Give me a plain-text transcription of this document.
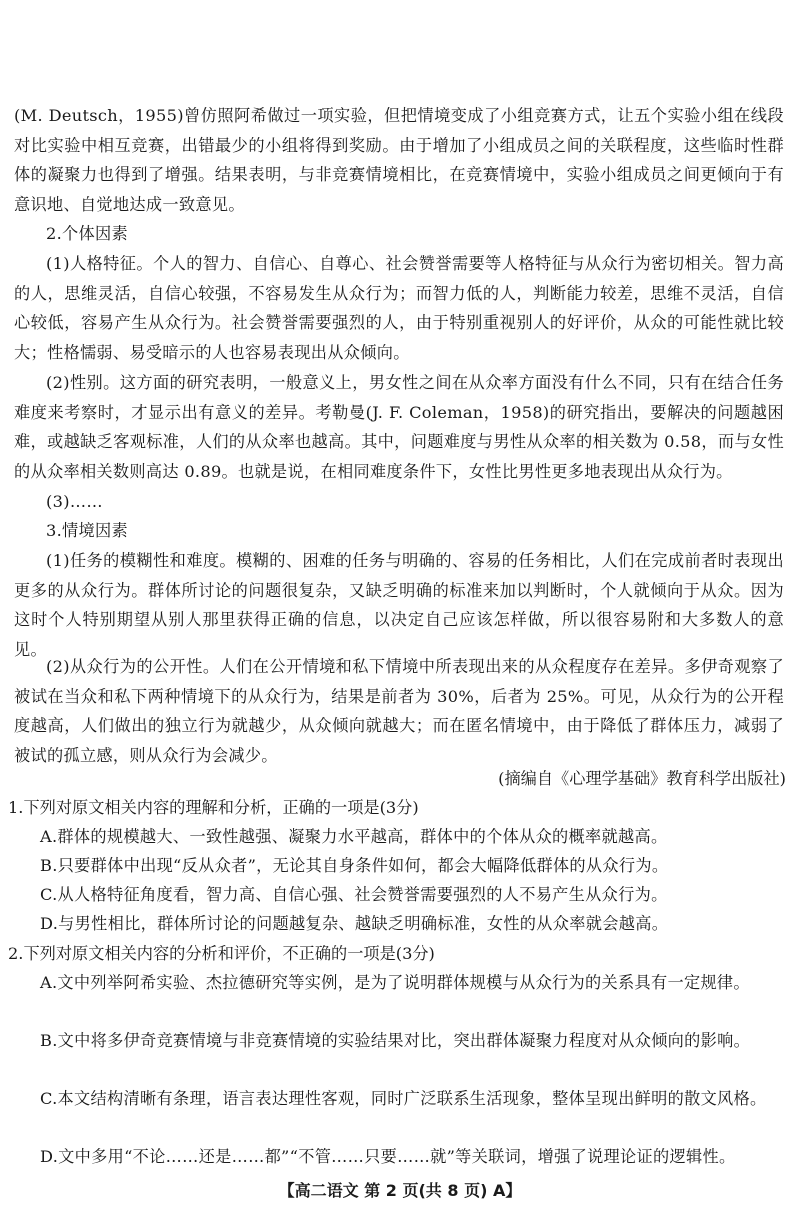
(M. Deutsch，1955)曾仿照阿希做过一项实验，但把情境变成了小组竞赛方式，让五个实验小组在线段对比实验中相互竞赛，出错最少的小组将得到奖励。由于增加了小组成员之间的关联程度，这些临时性群体的凝聚力也得到了增强。结果表明，与非竞赛情境相比，在竞赛情境中，实验小组成员之间更倾向于有意识地、自觉地达成一致意见。

2.个体因素

(1)人格特征。个人的智力、自信心、自尊心、社会赞誉需要等人格特征与从众行为密切相关。智力高的人，思维灵活，自信心较强，不容易发生从众行为；而智力低的人，判断能力较差，思维不灵活，自信心较低，容易产生从众行为。社会赞誉需要强烈的人，由于特别重视别人的好评价，从众的可能性就比较大；性格懦弱、易受暗示的人也容易表现出从众倾向。

(2)性别。这方面的研究表明，一般意义上，男女性之间在从众率方面没有什么不同，只有在结合任务难度来考察时，才显示出有意义的差异。考勒曼(J. F. Coleman，1958)的研究指出，要解决的问题越困难，或越缺乏客观标准，人们的从众率也越高。其中，问题难度与男性从众率的相关数为 0.58，而与女性的从众率相关数则高达 0.89。也就是说，在相同难度条件下，女性比男性更多地表现出从众行为。

(3)……

3.情境因素

(1)任务的模糊性和难度。模糊的、困难的任务与明确的、容易的任务相比，人们在完成前者时表现出更多的从众行为。群体所讨论的问题很复杂，又缺乏明确的标准来加以判断时，个人就倾向于从众。因为这时个人特别期望从别人那里获得正确的信息，以决定自己应该怎样做，所以很容易附和大多数人的意见。

(2)从众行为的公开性。人们在公开情境和私下情境中所表现出来的从众程度存在差异。多伊奇观察了被试在当众和私下两种情境下的从众行为，结果是前者为 30%，后者为 25%。可见，从众行为的公开程度越高，人们做出的独立行为就越少，从众倾向就越大；而在匿名情境中，由于降低了群体压力，减弱了被试的孤立感，则从众行为会减少。

(摘编自《心理学基础》教育科学出版社)

1.下列对原文相关内容的理解和分析，正确的一项是(3分)

A.群体的规模越大、一致性越强、凝聚力水平越高，群体中的个体从众的概率就越高。

B.只要群体中出现“反从众者”，无论其自身条件如何，都会大幅降低群体的从众行为。

C.从人格特征角度看，智力高、自信心强、社会赞誉需要强烈的人不易产生从众行为。

D.与男性相比，群体所讨论的问题越复杂、越缺乏明确标准，女性的从众率就会越高。

2.下列对原文相关内容的分析和评价，不正确的一项是(3分)

A.文中列举阿希实验、杰拉德研究等实例，是为了说明群体规模与从众行为的关系具有一定规律。

B.文中将多伊奇竞赛情境与非竞赛情境的实验结果对比，突出群体凝聚力程度对从众倾向的影响。

C.本文结构清晰有条理，语言表达理性客观，同时广泛联系生活现象，整体呈现出鲜明的散文风格。

D.文中多用“不论……还是……都”“不管……只要……就”等关联词，增强了说理论证的逻辑性。

【高二语文 第 2 页(共 8 页) A】
